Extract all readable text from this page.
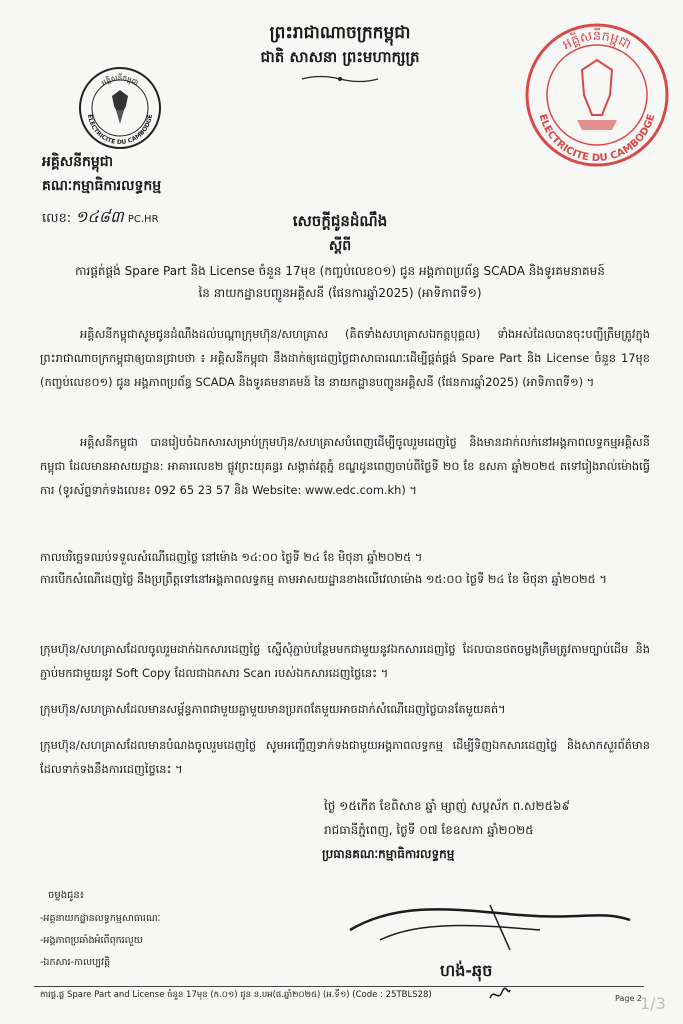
ព្រះរាជាណាចក្រកម្ពុជា
ជាតិ សាសនា ព្រះមហាក្សត្រ
អគ្គិសនីកម្ពុជា
ELECTRICITE DU CAMBODGE
អគ្គិសនីកម្ពុជា
ELECTRICITE DU CAMBODGE
អគ្គិសនីកម្ពុជា
គណៈកម្មាធិការលទ្ធកម្ម
លេខ: ១៤៨៣ PC.HR	សេចក្តីជូនដំណឹង
ស្តីពី
ការផ្គត់ផ្គង់ Spare Part និង License ចំនួន 17មុខ (កញ្ចប់លេខ០១) ជូន អង្គភាពប្រព័ន្ធ SCADA និងទូរគមនាគមន៍
នៃ នាយកដ្ឋានបញ្ជូនអគ្គិសនី (ផែនការឆ្នាំ2025) (អាទិភាពទី១)
អគ្គិសនីកម្ពុជាសូមជូនដំណឹងដល់បណ្តាក្រុមហ៊ុន/សហគ្រាស (គិតទាំងសហគ្រាសឯកត្តបុគ្គល) ទាំងអស់ដែលបានចុះបញ្ជីត្រឹមត្រូវក្នុងព្រះរាជាណាចក្រកម្ពុជាឲ្យបានជ្រាបថា ៖ អគ្គិសនីកម្ពុជា នឹងដាក់ឲ្យដេញថ្លៃជាសាធារណៈដើម្បីផ្គត់ផ្គង់ Spare Part និង License ចំនួន 17មុខ (កញ្ចប់លេខ០១) ជូន អង្គភាពប្រព័ន្ធ SCADA និងទូរគមនាគមន៍ នៃ នាយកដ្ឋានបញ្ជូនអគ្គិសនី (ផែនការឆ្នាំ2025) (អាទិភាពទី១) ។
អគ្គិសនីកម្ពុជា បានរៀបចំឯកសារសម្រាប់ក្រុមហ៊ុន/សហគ្រាសបំពេញដើម្បីចូលរួមដេញថ្លៃ និងមានដាក់លក់នៅអង្គភាពលទ្ធកម្មអគ្គិសនីកម្ពុជា ដែលមានអាសយដ្ឋាន: អាគារលេខ២ ផ្លូវព្រះយុគន្ធរ សង្កាត់វត្តភ្នំ ខណ្ឌដូនពេញចាប់ពីថ្ងៃទី ២០ ខែ ឧសភា ឆ្នាំ២០២៥ តទៅរៀងរាល់ម៉ោងធ្វើការ (ទូរស័ព្ទទាក់ទងលេខ៖ 092 65 23 57 និង Website: www.edc.com.kh) ។
កាលបរិច្ឆេទឈប់ទទួលសំណើដេញថ្លៃ នៅម៉ោង ១៤:០០ ថ្ងៃទី ២៤ ខែ មិថុនា ឆ្នាំ២០២៥ ។
ការបើកសំណើដេញថ្លៃ នឹងប្រព្រឹត្តទៅនៅអង្គភាពលទ្ធកម្ម តាមអាសយដ្ឋានខាងលើវេលាម៉ោង ១៥:០០ ថ្ងៃទី ២៤ ខែ មិថុនា ឆ្នាំ២០២៥ ។
ក្រុមហ៊ុន/សហគ្រាសដែលចូលរួមដាក់ឯកសារដេញថ្លៃ ស្នើសុំភ្ជាប់បន្ថែមមកជាមួយនូវឯកសារដេញថ្លៃ ដែលបានថតចម្លងត្រឹមត្រូវតាមច្បាប់ដើម និងភ្ជាប់មកជាមួយនូវ Soft Copy ដែលជាឯកសារ Scan របស់ឯកសារដេញថ្លៃនេះ ។
ក្រុមហ៊ុន/សហគ្រាសដែលមានសម្ព័ន្ធភាពជាមួយគ្នាមួយមានប្រភពតែមួយអាចដាក់សំណើដេញថ្លៃបានតែមួយគត់។
ក្រុមហ៊ុន/សហគ្រាសដែលមានបំណងចូលរួមដេញថ្លៃ សូមអញ្ជើញទាក់ទងជាមួយអង្គភាពលទ្ធកម្ម ដើម្បីទិញឯកសារដេញថ្លៃ និងសាកសួរព័ត៌មាន ដែលទាក់ទងនឹងការដេញថ្លៃនេះ ។
ថ្ងៃ ១៥កើត ខែពិសាខ ឆ្នាំ ម្សាញ់ សប្តស័ក ព.ស២៥៦៩
រាជធានីភ្នំពេញ, ថ្ងៃទី ០៧ ខែឧសភា ឆ្នាំ២០២៥
ប្រធានគណៈកម្មាធិការលទ្ធកម្ម
ចម្លងជូន៖
-អគ្គនាយកដ្ឋានលទ្ធកម្មសាធារណៈ
-អង្គភាពប្រឆាំងអំពើពុករលួយ
-ឯកសារ-កាលប្បវត្តិ	ហង់-ឆុច
ការផ្គ.ផ្គ Spare Part and License ចំនួន 17មុខ (ក.០១) ជូន ន.បអ(ផ.ឆ្នាំ២០២៥) (អ.ទី១) (Code : 25TBLS28)	Page 2
1/3
